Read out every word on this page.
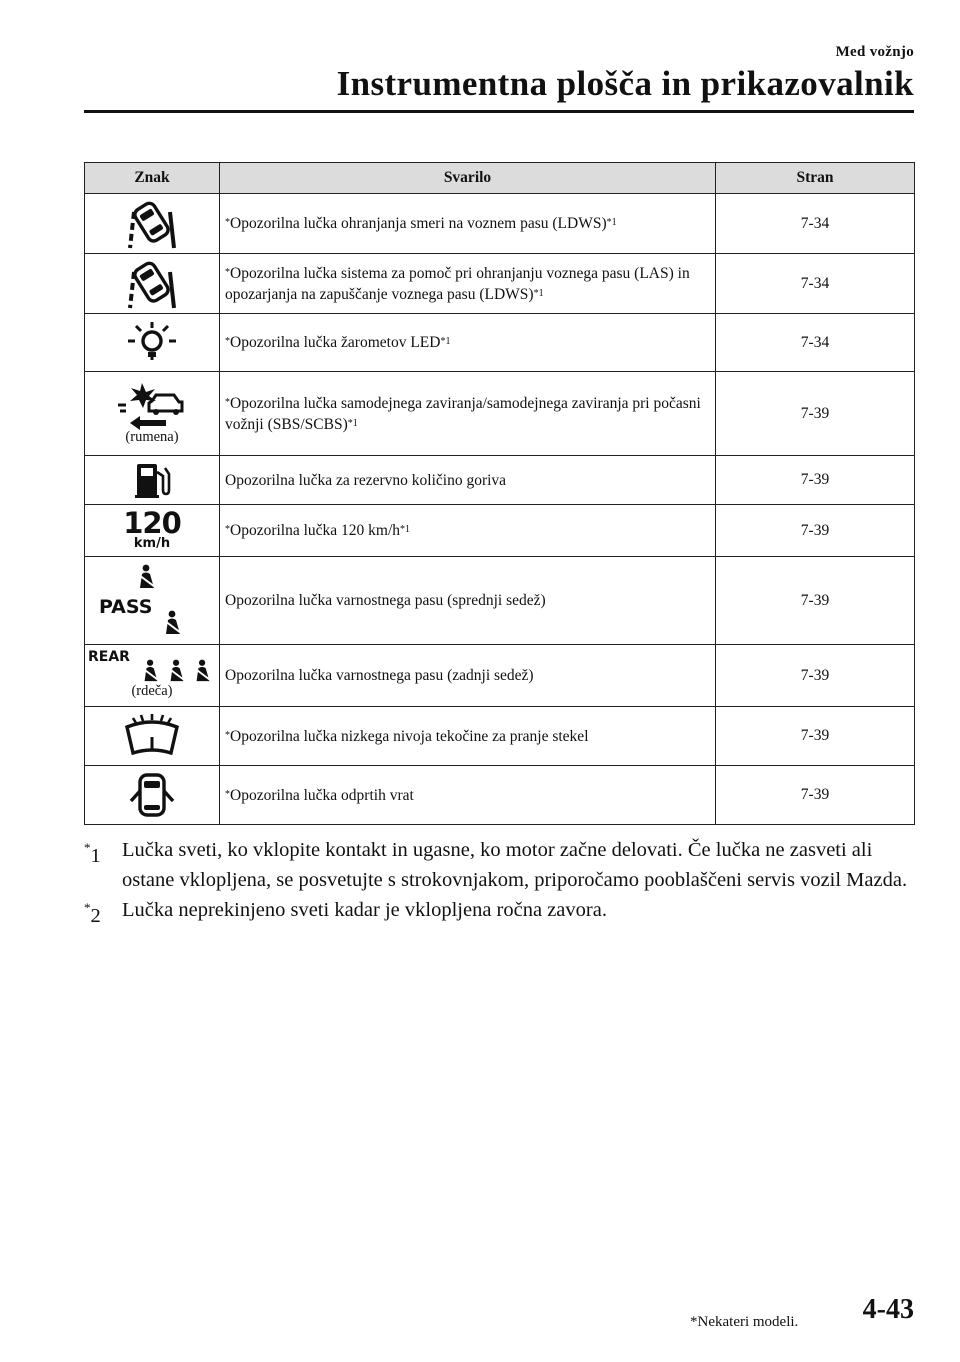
Med vožnjo
Instrumentna plošča in prikazovalnik
Znak	Svarilo	Stran
	*Opozorilna lučka ohranjanja smeri na voznem pasu (LDWS)$^{*1}$	7-34
	*Opozorilna lučka sistema za pomoč pri ohranjanju voznega pasu (LAS) in opozarjanja na zapuščanje voznega pasu (LDWS)$^{*1}$	7-34
	*Opozorilna lučka žarometov LED$^{*1}$	7-34

(rumena)	*Opozorilna lučka samodejnega zaviranja/samodejnega zaviranja pri počasni vožnji (SBS/SCBS)$^{*1}$	7-39
	Opozorilna lučka za rezervno količino goriva	7-39

120
km/h	*Opozorilna lučka 120 $km/h^{*1}$	7-39

PASS	Opozorilna lučka varnostnega pasu (sprednji sedež)	7-39

REAR
(rdeča)	Opozorilna lučka varnostnega pasu (zadnji sedež)	7-39
	*Opozorilna lučka nizkega nivoja tekočine za pranje stekel	7-39
	*Opozorilna lučka odprtih vrat	7-39
*1 Lučka sveti, ko vklopite kontakt in ugasne, ko motor začne delovati. Če lučka ne zasveti ali ostane vklopljena, se posvetujte s strokovnjakom, priporočamo pooblaščeni servis vozil Mazda.
*2 Lučka neprekinjeno sveti kadar je vklopljena ročna zavora.
*Nekateri modeli. 4-43
